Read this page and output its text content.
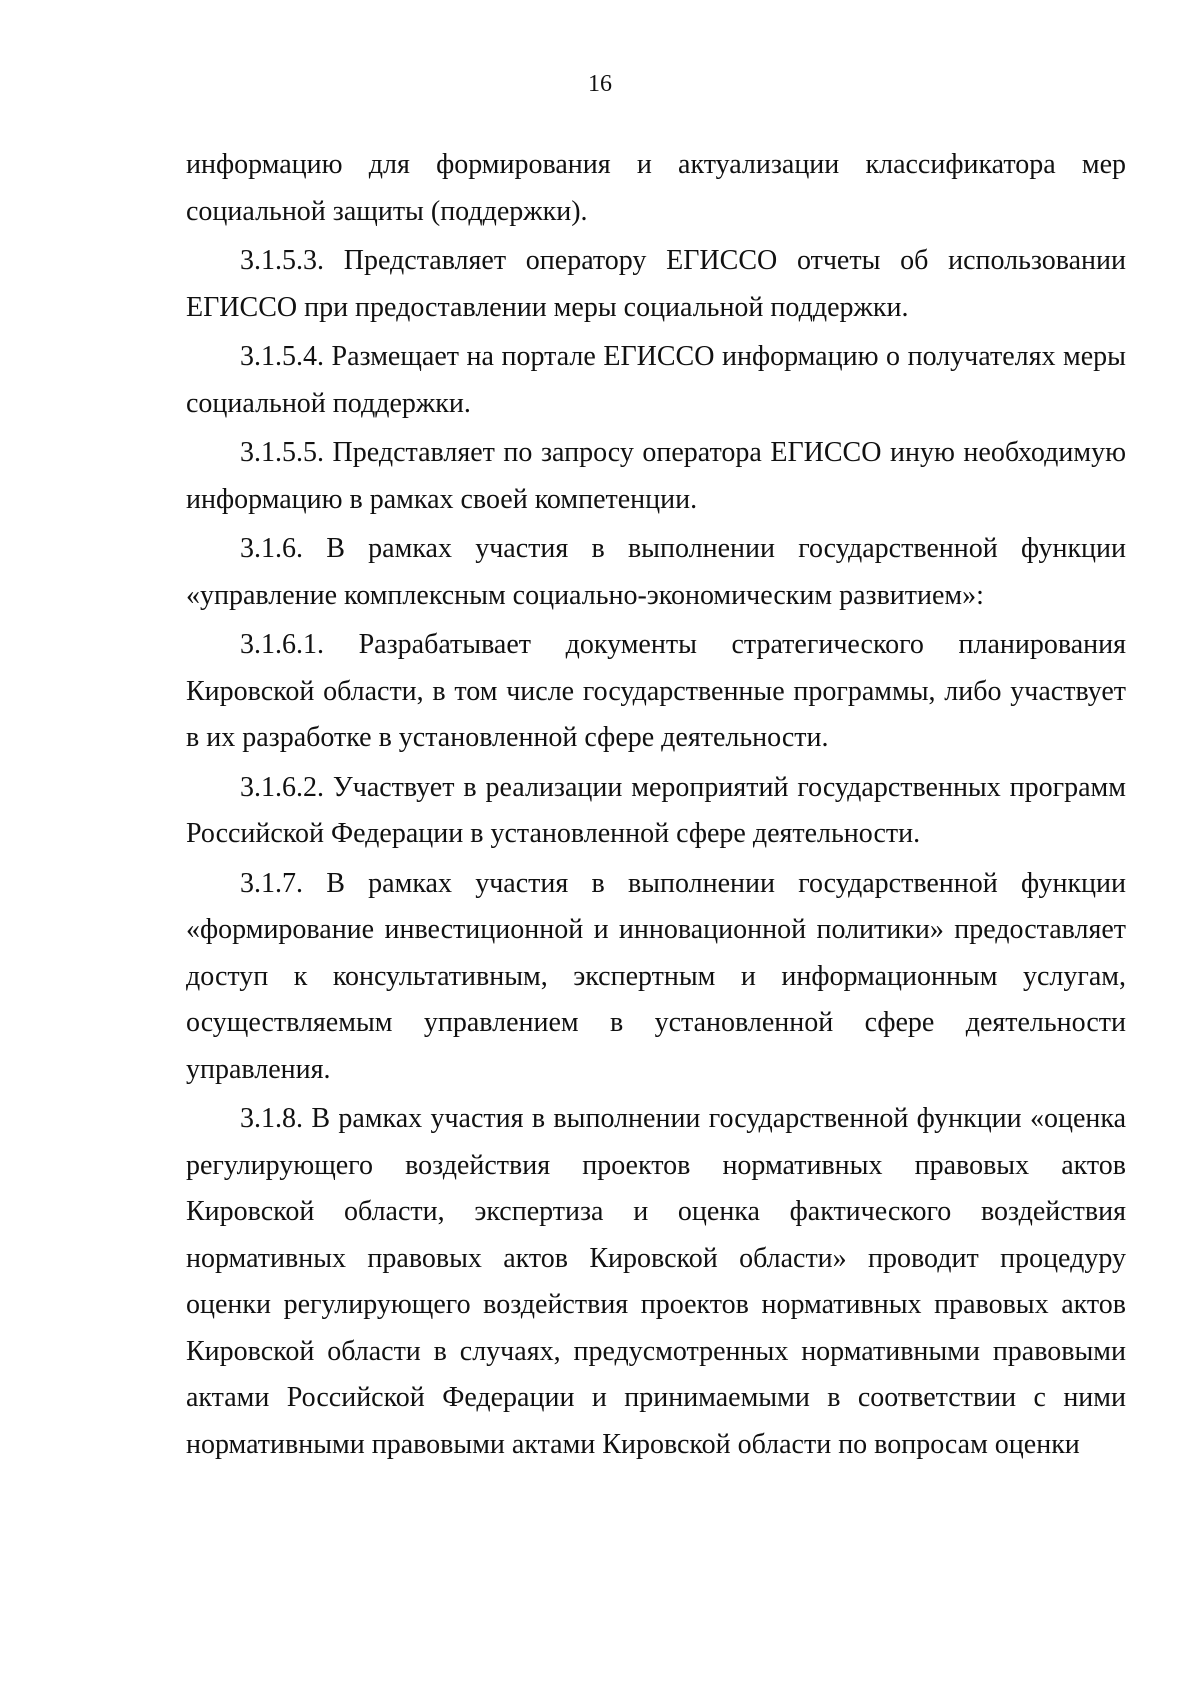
16

информацию для формирования и актуализации классификатора мер социальной защиты (поддержки).

3.1.5.3. Представляет оператору ЕГИССО отчеты об использовании ЕГИССО при предоставлении меры социальной поддержки.

3.1.5.4. Размещает на портале ЕГИССО информацию о получателях меры социальной поддержки.

3.1.5.5. Представляет по запросу оператора ЕГИССО иную необходимую информацию в рамках своей компетенции.

3.1.6. В рамках участия в выполнении государственной функции «управление комплексным социально-экономическим развитием»:

3.1.6.1. Разрабатывает документы стратегического планирования Кировской области, в том числе государственные программы, либо участвует в их разработке в установленной сфере деятельности.

3.1.6.2. Участвует в реализации мероприятий государственных программ Российской Федерации в установленной сфере деятельности.

3.1.7. В рамках участия в выполнении государственной функции «формирование инвестиционной и инновационной политики» предоставляет доступ к консультативным, экспертным и информационным услугам, осуществляемым управлением в установленной сфере деятельности управления.

3.1.8. В рамках участия в выполнении государственной функции «оценка регулирующего воздействия проектов нормативных правовых актов Кировской области, экспертиза и оценка фактического воздействия нормативных правовых актов Кировской области» проводит процедуру оценки регулирующего воздействия проектов нормативных правовых актов Кировской области в случаях, предусмотренных нормативными правовыми актами Российской Федерации и принимаемыми в соответствии с ними нормативными правовыми актами Кировской области по вопросам оценки
